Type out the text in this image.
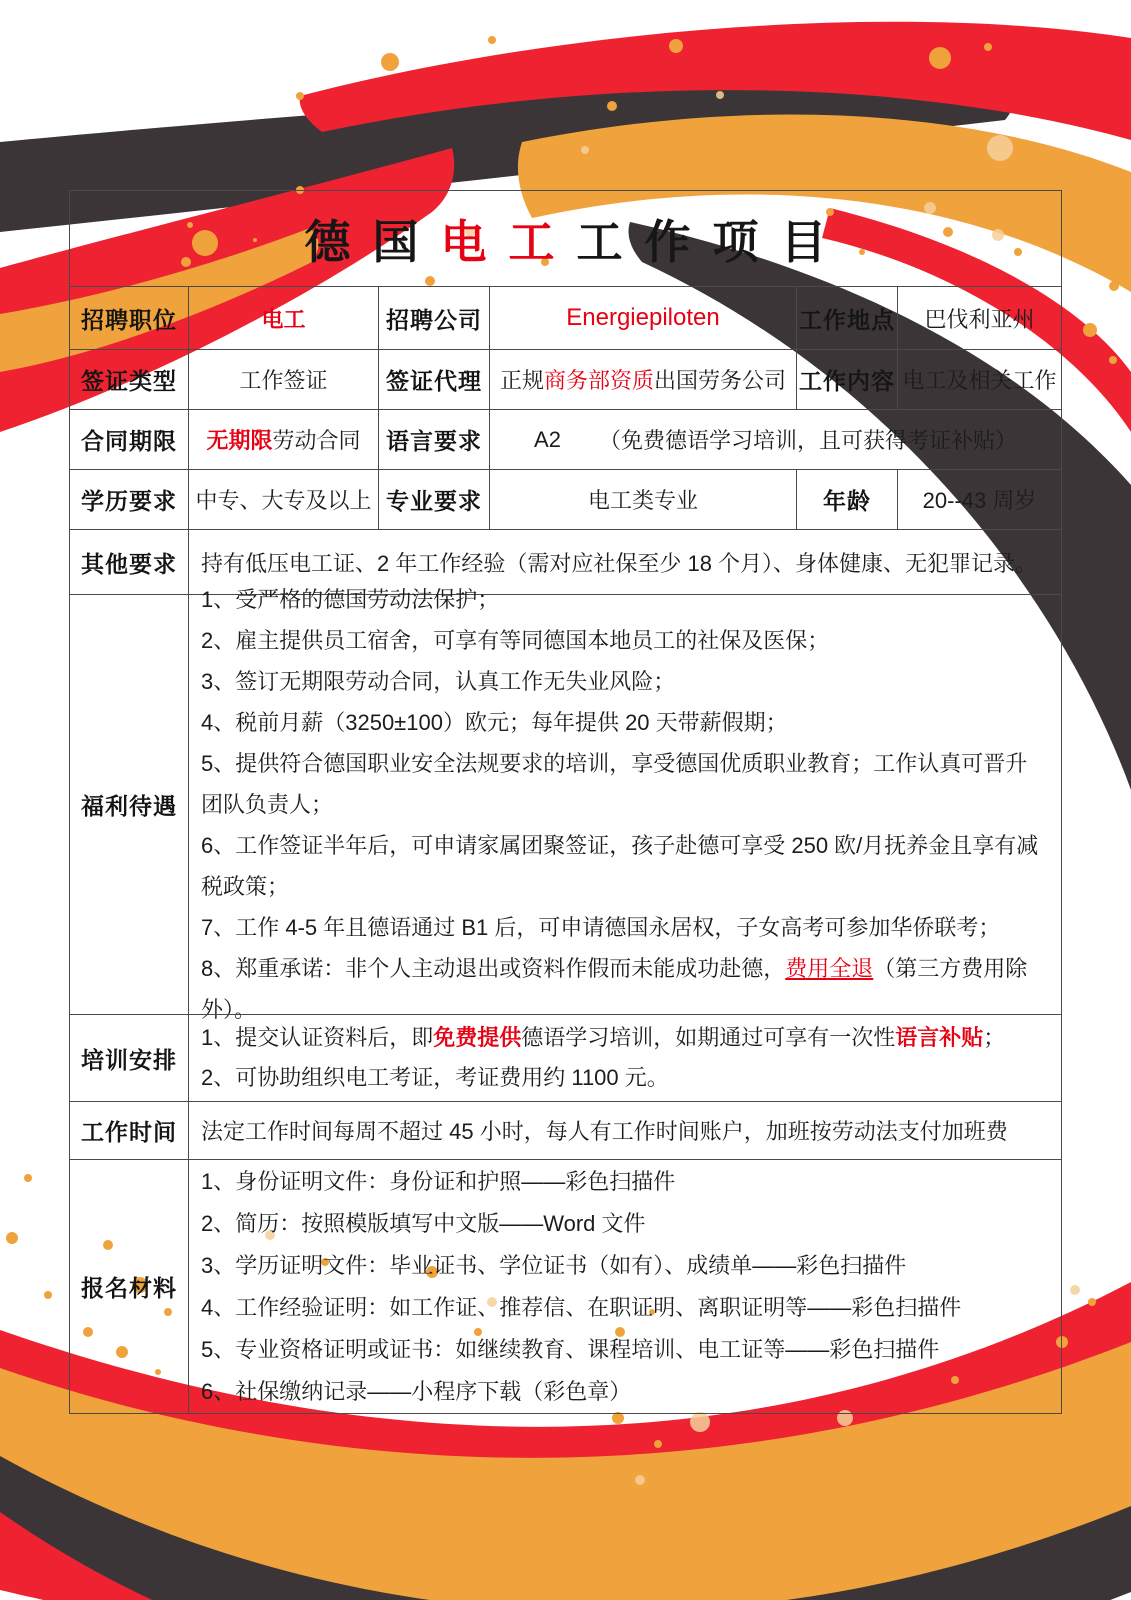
德国 电工 工作项目
招聘职位	电工	招聘公司	Energiepiloten	工作地点	巴伐利亚州
签证类型	工作签证	签证代理 正规 商务部资质 出国劳务公司 工作内容 电工及相关工作
合同期限	无期限 劳动合同	语言要求	A2 （免费德语学习培训，且可获得考证补贴）
学历要求 中专、大专及以上 专业要求	电工类专业	年龄	20--43 周岁
其他要求	持有低压电工证、2 年工作经验（需对应社保至少 18 个月）、身体健康、无犯罪记录。
福利待遇

1、受严格的德国劳动法保护；

2、雇主提供员工宿舍，可享有等同德国本地员工的社保及医保；

3、签订无期限劳动合同，认真工作无失业风险；

4、税前月薪（3250±100）欧元；每年提供 20 天带薪假期；

5、提供符合德国职业安全法规要求的培训，享受德国优质职业教育；工作认真可晋升团队负责人；

6、工作签证半年后，可申请家属团聚签证，孩子赴德可享受 250 欧/月抚养金且享有减税政策；

7、工作 4-5 年且德语通过 B1 后，可申请德国永居权，子女高考可参加华侨联考；

8、郑重承诺：非个人主动退出或资料作假而未能成功赴德，费用全退（第三方费用除外）。

培训安排

1、提交认证资料后，即免费提供德语学习培训，如期通过可享有一次性语言补贴；

2、可协助组织电工考证，考证费用约 1100 元。

工作时间	法定工作时间每周不超过 45 小时，每人有工作时间账户，加班按劳动法支付加班费
报名材料

1、身份证明文件：身份证和护照——彩色扫描件

2、简历：按照模版填写中文版——Word 文件

3、学历证明文件：毕业证书、学位证书（如有）、成绩单——彩色扫描件

4、工作经验证明：如工作证、推荐信、在职证明、离职证明等——彩色扫描件

5、专业资格证明或证书：如继续教育、课程培训、电工证等——彩色扫描件

6、社保缴纳记录——小程序下载（彩色章）
